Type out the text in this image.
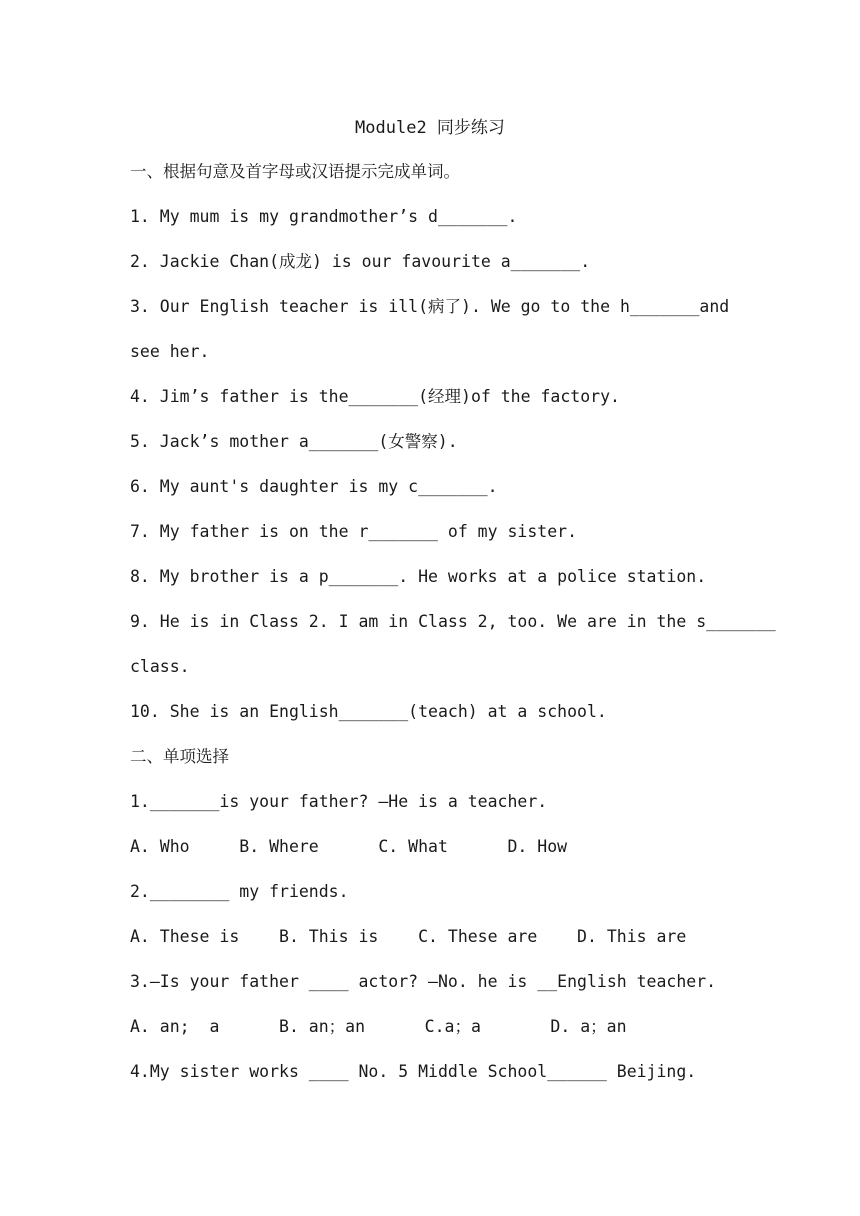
Module2 同步练习
一、根据句意及首字母或汉语提示完成单词。
1. My mum is my grandmother’s d_______.
2. Jackie Chan(成龙) is our favourite a_______.
3. Our English teacher is ill(病了). We go to the h_______and
see her.
4. Jim’s father is the_______(经理)of the factory.
5. Jack’s mother a_______(女警察).
6. My aunt's daughter is my c_______.
7. My father is on the r_______ of my sister.
8. My brother is a p_______. He works at a police station.
9. He is in Class 2. I am in Class 2, too. We are in the s_______
class.
10. She is an English_______(teach) at a school.
二、单项选择
1._______is your father? —He is a teacher.
A. Who     B. Where      C. What      D. How
2.________ my friends.
A. These is    B. This is    C. These are    D. This are
3.—Is your father ____ actor? —No. he is __English teacher.
A. an;  a      B. an；an      C.a；a       D. a；an
4.My sister works ____ No. 5 Middle School______ Beijing.
